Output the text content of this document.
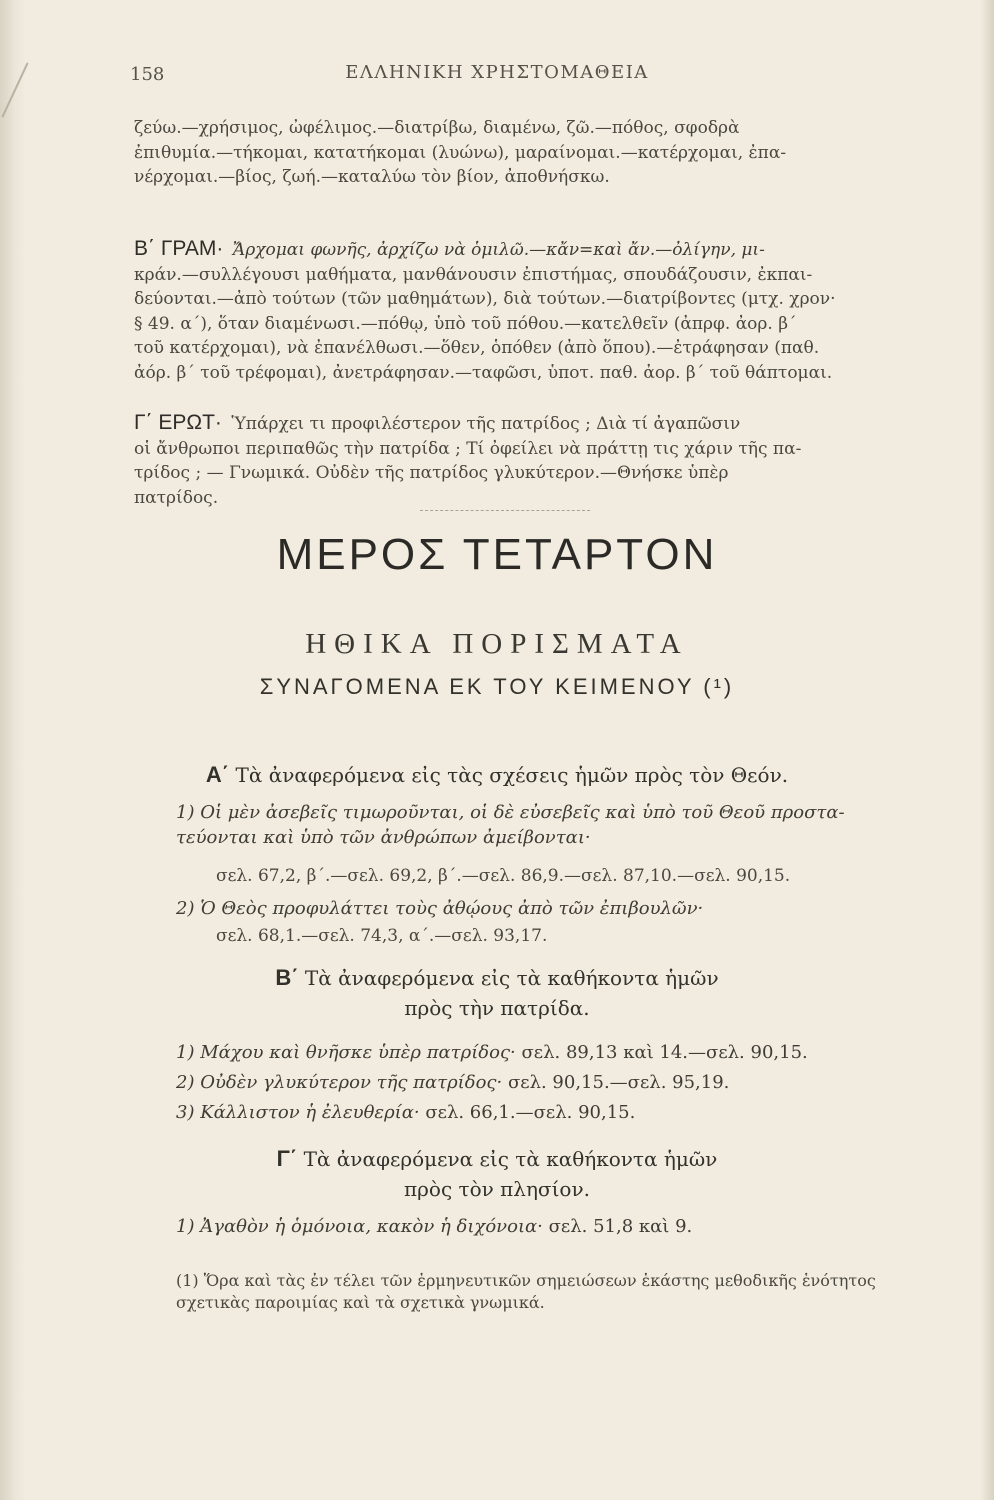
158	ΕΛΛΗΝΙΚΗ ΧΡΗΣΤΟΜΑΘΕΙΑ
ζεύω.—χρήσιμος, ὠφέλιμος.—διατρίβω, διαμένω, ζῶ.—πόθος, σφοδρὰ
ἐπιθυμία.—τήκομαι, κατατήκομαι (λυώνω), μαραίνομαι.—κατέρχομαι, ἐπα-
νέρχομαι.—βίος, ζωή.—καταλύω τὸν βίον, ἀποθνήσκω.
Β΄ ΓΡΑΜ· Ἄρχομαι φωνῆς, ἀρχίζω νὰ ὁμιλῶ.—κἄν=καὶ ἄν.—ὀλίγην, μι-
κράν.—συλλέγουσι μαθήματα, μανθάνουσιν ἐπιστήμας, σπουδάζουσιν, ἐκπαι-
δεύονται.—ἀπὸ τούτων (τῶν μαθημάτων), διὰ τούτων.—διατρίβοντες (μτχ. χρον·
§ 49. α΄), ὅταν διαμένωσι.—πόθῳ, ὑπὸ τοῦ πόθου.—κατελθεῖν (ἀπρφ. ἀορ. β΄
τοῦ κατέρχομαι), νὰ ἐπανέλθωσι.—ὅθεν, ὁπόθεν (ἀπὸ ὅπου).—ἐτράφησαν (παθ.
ἀόρ. β΄ τοῦ τρέφομαι), ἀνετράφησαν.—ταφῶσι, ὑποτ. παθ. ἀορ. β΄ τοῦ θάπτομαι.
Γ΄ ΕΡΩΤ· Ὑπάρχει τι προφιλέστερον τῆς πατρίδος ; Διὰ τί ἀγαπῶσιν
οἱ ἄνθρωποι περιπαθῶς τὴν πατρίδα ; Τί ὀφείλει νὰ πράττῃ τις χάριν τῆς πα-
τρίδος ; — Γνωμικά. Οὐδὲν τῆς πατρίδος γλυκύτερον.—Θνήσκε ὑπὲρ
πατρίδος.
ΜΕΡΟΣ ΤΕΤΑΡΤΟΝ
ΗΘΙΚΑ ΠΟΡΙΣΜΑΤΑ
ΣΥΝΑΓΟΜΕΝΑ ΕΚ ΤΟΥ ΚΕΙΜΕΝΟΥ (¹)
Α΄ Τὰ ἀναφερόμενα εἰς τὰς σχέσεις ἡμῶν πρὸς τὸν Θεόν.

1) Οἱ μὲν ἀσεβεῖς τιμωροῦνται, οἱ δὲ εὐσεβεῖς καὶ ὑπὸ τοῦ Θεοῦ προστα-
τεύονται καὶ ὑπὸ τῶν ἀνθρώπων ἀμείβονται·

σελ. 67,2, β΄.—σελ. 69,2, β΄.—σελ. 86,9.—σελ. 87,10.—σελ. 90,15.

2) Ὁ Θεὸς προφυλάττει τοὺς ἀθῴους ἀπὸ τῶν ἐπιβουλῶν·

σελ. 68,1.—σελ. 74,3, α΄.—σελ. 93,17.
Β΄ Τὰ ἀναφερόμενα εἰς τὰ καθήκοντα ἡμῶν
πρὸς τὴν πατρίδα.

1) Μάχου καὶ θνῆσκε ὑπὲρ πατρίδος· σελ. 89,13 καὶ 14.—σελ. 90,15.

2) Οὐδὲν γλυκύτερον τῆς πατρίδος· σελ. 90,15.—σελ. 95,19.

3) Κάλλιστον ἡ ἐλευθερία· σελ. 66,1.—σελ. 90,15.

Γ΄ Τὰ ἀναφερόμενα εἰς τὰ καθήκοντα ἡμῶν
πρὸς τὸν πλησίον.

1) Ἀγαθὸν ἡ ὁμόνοια, κακὸν ἡ διχόνοια· σελ. 51,8 καὶ 9.

(1) Ὅρα καὶ τὰς ἐν τέλει τῶν ἑρμηνευτικῶν σημειώσεων ἑκάστης μεθοδικῆς ἑνότητος σχετικὰς παροιμίας καὶ τὰ σχετικὰ γνωμικά.
